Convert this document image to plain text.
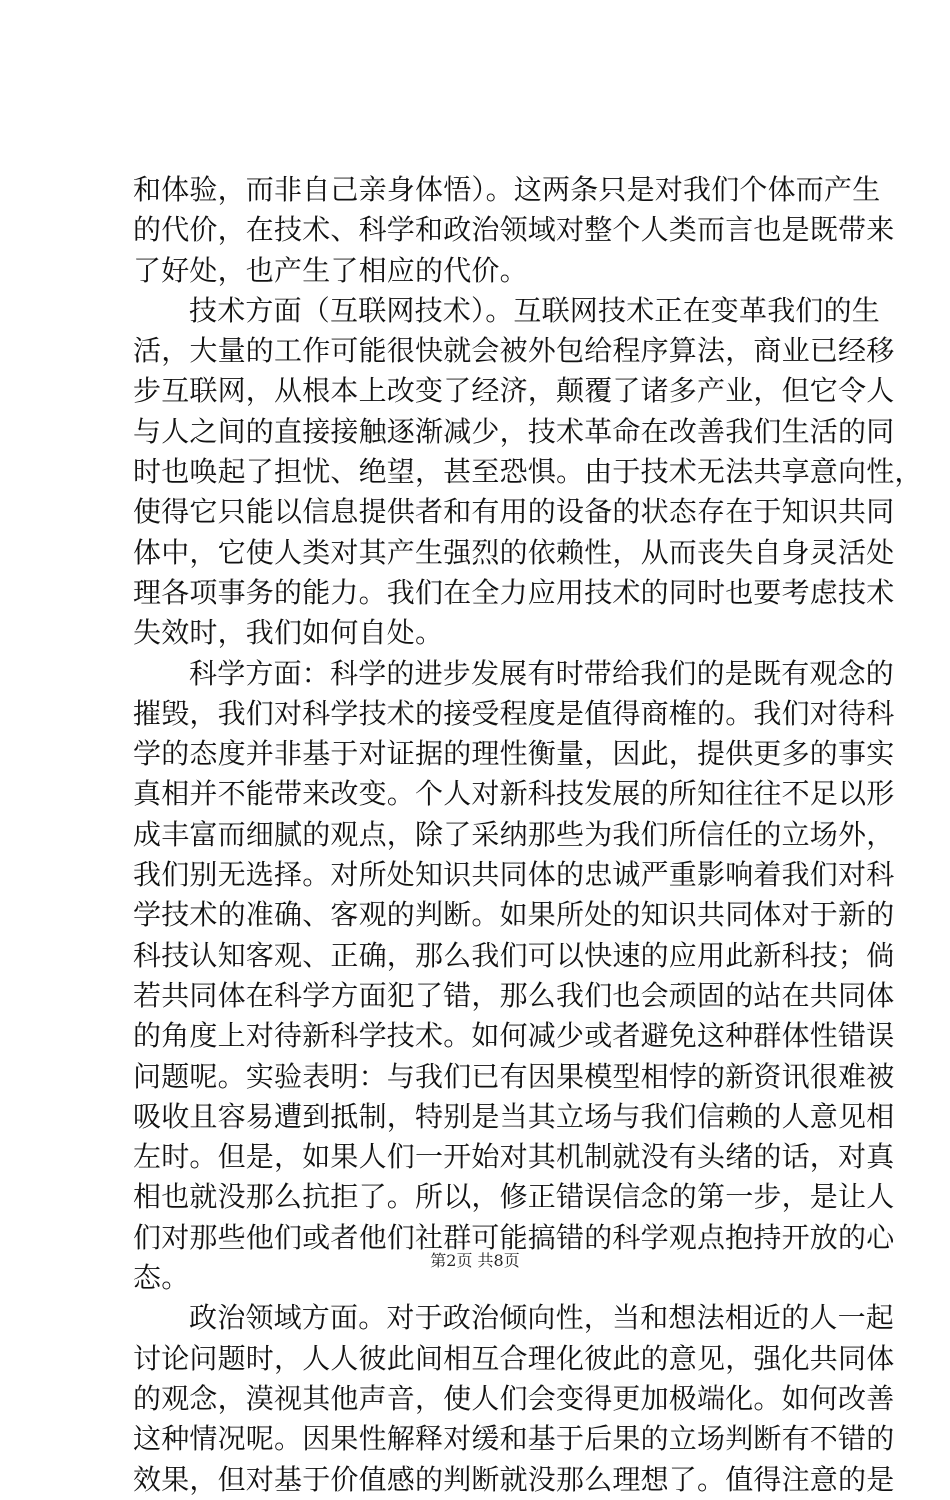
和体验，而非自己亲身体悟）。这两条只是对我们个体而产生
的代价，在技术、科学和政治领域对整个人类而言也是既带来
了好处，也产生了相应的代价。
技术方面（互联网技术）。互联网技术正在变革我们的生
活，大量的工作可能很快就会被外包给程序算法，商业已经移
步互联网，从根本上改变了经济，颠覆了诸多产业，但它令人
与人之间的直接接触逐渐减少，技术革命在改善我们生活的同
时也唤起了担忧、绝望，甚至恐惧。由于技术无法共享意向性，
使得它只能以信息提供者和有用的设备的状态存在于知识共同
体中，它使人类对其产生强烈的依赖性，从而丧失自身灵活处
理各项事务的能力。我们在全力应用技术的同时也要考虑技术
失效时，我们如何自处。
科学方面：科学的进步发展有时带给我们的是既有观念的
摧毁，我们对科学技术的接受程度是值得商榷的。我们对待科
学的态度并非基于对证据的理性衡量，因此，提供更多的事实
真相并不能带来改变。个人对新科技发展的所知往往不足以形
成丰富而细腻的观点，除了采纳那些为我们所信任的立场外，
我们别无选择。对所处知识共同体的忠诚严重影响着我们对科
学技术的准确、客观的判断。如果所处的知识共同体对于新的
科技认知客观、正确，那么我们可以快速的应用此新科技；倘
若共同体在科学方面犯了错，那么我们也会顽固的站在共同体
的角度上对待新科学技术。如何减少或者避免这种群体性错误
问题呢。实验表明：与我们已有因果模型相悖的新资讯很难被
吸收且容易遭到抵制，特别是当其立场与我们信赖的人意见相
左时。但是，如果人们一开始对其机制就没有头绪的话，对真
相也就没那么抗拒了。所以，修正错误信念的第一步，是让人
们对那些他们或者他们社群可能搞错的科学观点抱持开放的心
态。
政治领域方面。对于政治倾向性，当和想法相近的人一起
讨论问题时，人人彼此间相互合理化彼此的意见，强化共同体
的观念，漠视其他声音，使人们会变得更加极端化。如何改善
这种情况呢。因果性解释对缓和基于后果的立场判断有不错的
效果，但对基于价值感的判断就没那么理想了。值得注意的是
第2页 共8页
